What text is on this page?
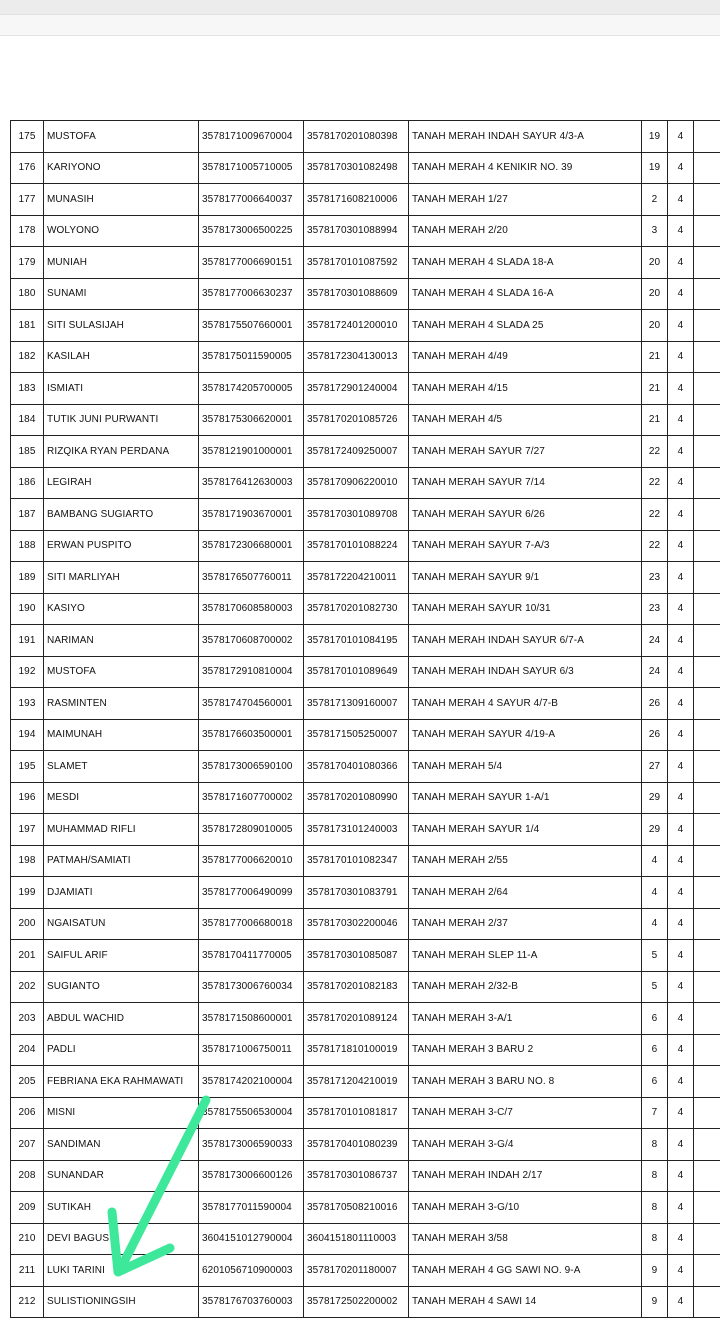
175	MUSTOFA	3578171009670004	3578170201080398	TANAH MERAH INDAH SAYUR 4/3-A	19	4	
176	KARIYONO	3578171005710005	3578170301082498	TANAH MERAH 4 KENIKIR NO. 39	19	4	
177	MUNASIH	3578177006640037	3578171608210006	TANAH MERAH 1/27	2	4	
178	WOLYONO	3578173006500225	3578170301088994	TANAH MERAH 2/20	3	4	
179	MUNIAH	3578177006690151	3578170101087592	TANAH MERAH 4 SLADA 18-A	20	4	
180	SUNAMI	3578177006630237	3578170301088609	TANAH MERAH 4 SLADA 16-A	20	4	
181	SITI SULASIJAH	3578175507660001	3578172401200010	TANAH MERAH 4 SLADA 25	20	4	
182	KASILAH	3578175011590005	3578172304130013	TANAH MERAH 4/49	21	4	
183	ISMIATI	3578174205700005	3578172901240004	TANAH MERAH 4/15	21	4	
184	TUTIK JUNI PURWANTI	3578175306620001	3578170201085726	TANAH MERAH 4/5	21	4	
185	RIZQIKA RYAN PERDANA	3578121901000001	3578172409250007	TANAH MERAH SAYUR 7/27	22	4	
186	LEGIRAH	3578176412630003	3578170906220010	TANAH MERAH SAYUR 7/14	22	4	
187	BAMBANG SUGIARTO	3578171903670001	3578170301089708	TANAH MERAH SAYUR 6/26	22	4	
188	ERWAN PUSPITO	3578172306680001	3578170101088224	TANAH MERAH SAYUR 7-A/3	22	4	
189	SITI MARLIYAH	3578176507760011	3578172204210011	TANAH MERAH SAYUR 9/1	23	4	
190	KASIYO	3578170608580003	3578170201082730	TANAH MERAH SAYUR 10/31	23	4	
191	NARIMAN	3578170608700002	3578170101084195	TANAH MERAH INDAH SAYUR 6/7-A	24	4	
192	MUSTOFA	3578172910810004	3578170101089649	TANAH MERAH INDAH SAYUR 6/3	24	4	
193	RASMINTEN	3578174704560001	3578171309160007	TANAH MERAH 4 SAYUR 4/7-B	26	4	
194	MAIMUNAH	3578176603500001	3578171505250007	TANAH MERAH SAYUR 4/19-A	26	4	
195	SLAMET	3578173006590100	3578170401080366	TANAH MERAH 5/4	27	4	
196	MESDI	3578171607700002	3578170201080990	TANAH MERAH SAYUR 1-A/1	29	4	
197	MUHAMMAD RIFLI	3578172809010005	3578173101240003	TANAH MERAH SAYUR 1/4	29	4	
198	PATMAH/SAMIATI	3578177006620010	3578170101082347	TANAH MERAH 2/55	4	4	
199	DJAMIATI	3578177006490099	3578170301083791	TANAH MERAH 2/64	4	4	
200	NGAISATUN	3578177006680018	3578170302200046	TANAH MERAH 2/37	4	4	
201	SAIFUL ARIF	3578170411770005	3578170301085087	TANAH MERAH SLEP 11-A	5	4	
202	SUGIANTO	3578173006760034	3578170201082183	TANAH MERAH 2/32-B	5	4	
203	ABDUL WACHID	3578171508600001	3578170201089124	TANAH MERAH 3-A/1	6	4	
204	PADLI	3578171006750011	3578171810100019	TANAH MERAH 3 BARU 2	6	4	
205	FEBRIANA EKA RAHMAWATI	3578174202100004	3578171204210019	TANAH MERAH 3 BARU NO. 8	6	4	
206	MISNI	3578175506530004	3578170101081817	TANAH MERAH 3-C/7	7	4	
207	SANDIMAN	3578173006590033	3578170401080239	TANAH MERAH 3-G/4	8	4	
208	SUNANDAR	3578173006600126	3578170301086737	TANAH MERAH INDAH 2/17	8	4	
209	SUTIKAH	3578177011590004	3578170508210016	TANAH MERAH 3-G/10	8	4	
210	DEVI BAGUS S	3604151012790004	3604151801110003	TANAH MERAH 3/58	8	4	
211	LUKI TARINI	6201056710900003	3578170201180007	TANAH MERAH 4 GG SAWI NO. 9-A	9	4	
212	SULISTIONINGSIH	3578176703760003	3578172502200002	TANAH MERAH 4 SAWI 14	9	4	
